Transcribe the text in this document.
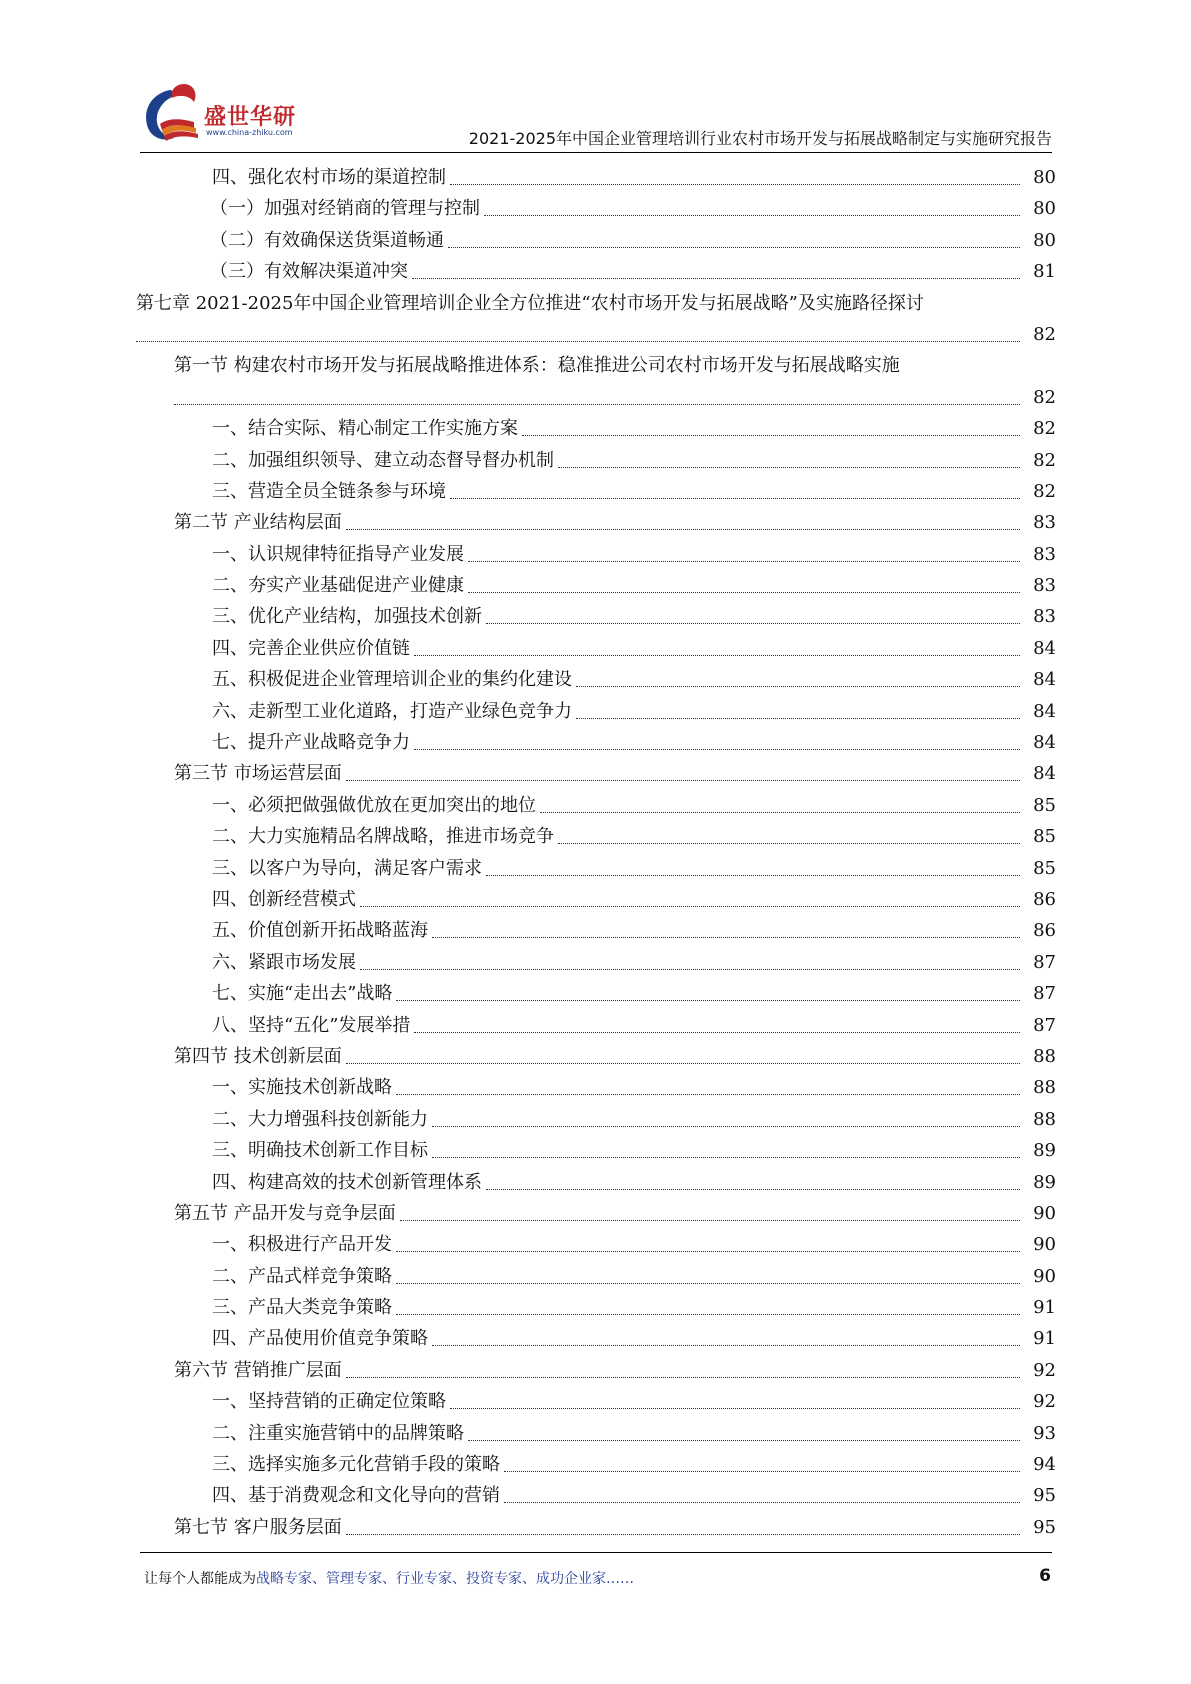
盛世华研
www.china-zhiku.com	2021-2025年中国企业管理培训行业农村市场开发与拓展战略制定与实施研究报告
四、强化农村市场的渠道控制	80
（一）加强对经销商的管理与控制	80
（二）有效确保送货渠道畅通	80
（三）有效解决渠道冲突	81
第七章 2021-2025年中国企业管理培训企业全方位推进“农村市场开发与拓展战略”及实施路径探讨
82
第一节 构建农村市场开发与拓展战略推进体系：稳准推进公司农村市场开发与拓展战略实施
82
一、结合实际、精心制定工作实施方案	82
二、加强组织领导、建立动态督导督办机制	82
三、营造全员全链条参与环境	82
第二节 产业结构层面	83
一、认识规律特征指导产业发展	83
二、夯实产业基础促进产业健康	83
三、优化产业结构，加强技术创新	83
四、完善企业供应价值链	84
五、积极促进企业管理培训企业的集约化建设	84
六、走新型工业化道路，打造产业绿色竞争力	84
七、提升产业战略竞争力	84
第三节 市场运营层面	84
一、必须把做强做优放在更加突出的地位	85
二、大力实施精品名牌战略，推进市场竞争	85
三、以客户为导向，满足客户需求	85
四、创新经营模式	86
五、价值创新开拓战略蓝海	86
六、紧跟市场发展	87
七、实施“走出去”战略	87
八、坚持“五化”发展举措	87
第四节 技术创新层面	88
一、实施技术创新战略	88
二、大力增强科技创新能力	88
三、明确技术创新工作目标	89
四、构建高效的技术创新管理体系	89
第五节 产品开发与竞争层面	90
一、积极进行产品开发	90
二、产品式样竞争策略	90
三、产品大类竞争策略	91
四、产品使用价值竞争策略	91
第六节 营销推广层面	92
一、坚持营销的正确定位策略	92
二、注重实施营销中的品牌策略	93
三、选择实施多元化营销手段的策略	94
四、基于消费观念和文化导向的营销	95
第七节 客户服务层面	95
让每个人都能成为战略专家、管理专家、行业专家、投资专家、成功企业家……	6
